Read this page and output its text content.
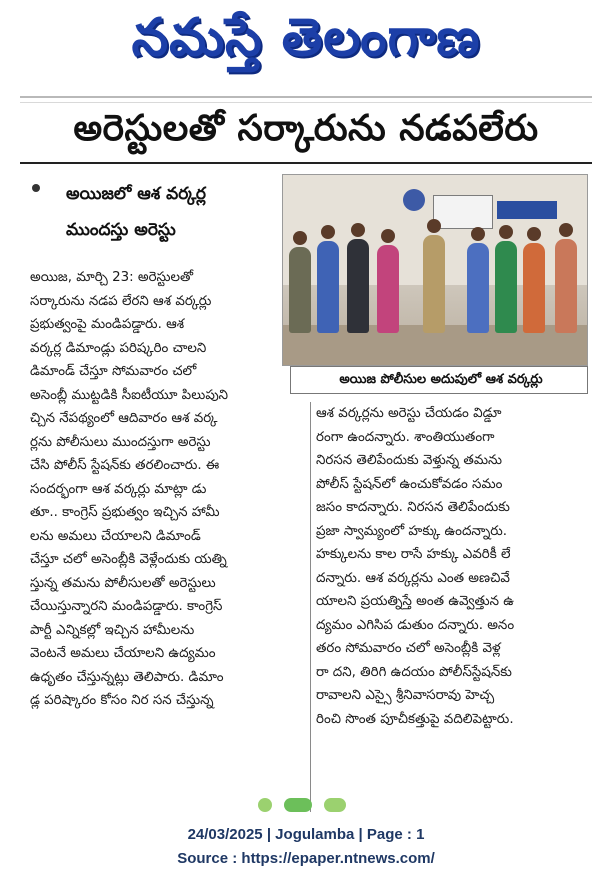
నమస్తే తెలంగాణ
అరెస్టులతో సర్కారును నడపలేరు
అయిజలో ఆశ వర్కర్ల
ముందస్తు అరెస్టు
అయిజ పోలీసుల అదుపులో ఆశ వర్కర్లు
అయిజ, మార్చి 23: అరెస్టులతో
సర్కారును నడప లేరని ఆశ వర్కర్లు
ప్రభుత్వంపై మండిపడ్డారు. ఆశ
వర్కర్ల డిమాండ్లు పరిష్కరిం చాలని
డిమాండ్ చేస్తూ సోమవారం చలో
అసెంబ్లీ ముట్టడికి సీఐటీయూ పిలుపుని
చ్చిన నేపథ్యంలో ఆదివారం ఆశ వర్క
ర్లను పోలీసులు ముందస్తుగా అరెస్టు
చేసి పోలీస్ స్టేషన్‌కు తరలించారు. ఈ
సందర్భంగా ఆశ వర్కర్లు మాట్లా డు
తూ.. కాంగ్రెస్ ప్రభుత్వం ఇచ్చిన హామీ
లను అమలు చేయాలని డిమాండ్
చేస్తూ చలో అసెంబ్లీకి వెళ్లేందుకు యత్ని
స్తున్న తమను పోలీసులతో అరెస్టులు
చేయిస్తున్నారని మండిపడ్డారు. కాంగ్రెస్
పార్టీ ఎన్నికల్లో ఇచ్చిన హామీలను
వెంటనే అమలు చేయాలని ఉద్యమం
ఉధృతం చేస్తున్నట్లు తెలిపారు. డిమాం
డ్ల పరిష్కారం కోసం నిర సన చేస్తున్న
ఆశ వర్కర్లను అరెస్టు చేయడం విడ్డూ
రంగా ఉందన్నారు. శాంతియుతంగా
నిరసన తెలిపేందుకు వెళ్తున్న తమను
పోలీస్ స్టేషన్‌లో ఉంచుకోవడం సమం
జసం కాదన్నారు. నిరసన తెలిపేందుకు
ప్రజా స్వామ్యంలో హక్కు ఉందన్నారు.
హక్కులను కాల రాసే హక్కు ఎవరికీ లే
దన్నారు. ఆశ వర్కర్లను ఎంత అణచివే
యాలని ప్రయత్నిస్తే అంత ఉవ్వెత్తున ఉ
ద్యమం ఎగిసిప డుతుం దన్నారు. అనం
తరం సోమవారం చలో అసెంబ్లీకి వెళ్ల
రా దని, తిరిగి ఉదయం పోలీస్‌స్టేషన్‌కు
రావాలని ఎస్సై శ్రీనివాసరావు హెచ్చ
రించి సొంత పూచీకత్తుపై వదిలిపెట్టారు.
24/03/2025 | Jogulamba | Page : 1
Source : https://epaper.ntnews.com/
